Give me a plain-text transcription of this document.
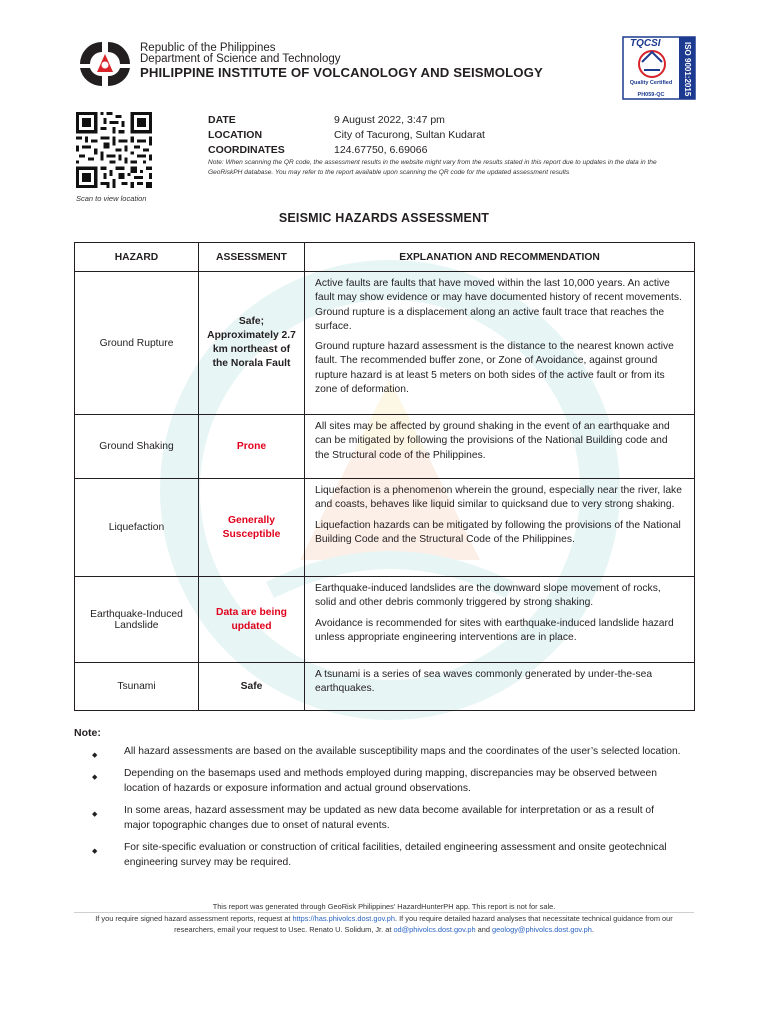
Republic of the Philippines
Department of Science and Technology
PHILIPPINE INSTITUTE OF VOLCANOLOGY AND SEISMOLOGY
TQCSI	ISO 9001:2015
Quality Certified
PH059-QC
Scan to view location
DATE	9 August 2022, 3:47 pm
LOCATION	City of Tacurong, Sultan Kudarat
COORDINATES	124.67750, 6.69066
Note: When scanning the QR code, the assessment results in the website might vary from the results stated in this report due to updates in the data in the GeoRiskPH database. You may refer to the report available upon scanning the QR code for the updated assessment results
SEISMIC HAZARDS ASSESSMENT
HAZARD	ASSESSMENT	EXPLANATION AND RECOMMENDATION
Ground Rupture	Safe; Approximately 2.7 km northeast of the Norala Fault	Active faults are faults that have moved within the last 10,000 years. An active fault may show evidence or may have documented history of recent movements. Ground rupture is a displacement along an active fault trace that reaches the surface.

Ground rupture hazard assessment is the distance to the nearest known active fault. The recommended buffer zone, or Zone of Avoidance, against ground rupture hazard is at least 5 meters on both sides of the active fault or from its zone of deformation.

Ground Shaking	Prone	All sites may be affected by ground shaking in the event of an earthquake and can be mitigated by following the provisions of the National Building code and the Structural code of the Philippines.

Liquefaction	Generally Susceptible	Liquefaction is a phenomenon wherein the ground, especially near the river, lake and coasts, behaves like liquid similar to quicksand due to very strong shaking.

Liquefaction hazards can be mitigated by following the provisions of the National Building Code and the Structural Code of the Philippines.

Earthquake-Induced Landslide	Data are being updated	Earthquake-induced landslides are the downward slope movement of rocks, solid and other debris commonly triggered by strong shaking.

Avoidance is recommended for sites with earthquake-induced landslide hazard unless appropriate engineering interventions are in place.

Tsunami	Safe	A tsunami is a series of sea waves commonly generated by under-the-sea earthquakes.

Note:
◆	All hazard assessments are based on the available susceptibility maps and the coordinates of the user’s selected location.
◆	Depending on the basemaps used and methods employed during mapping, discrepancies may be observed between location of hazards or exposure information and actual ground observations.
◆	In some areas, hazard assessment may be updated as new data become available for interpretation or as a result of major topographic changes due to onset of natural events.
◆	For site-specific evaluation or construction of critical facilities, detailed engineering assessment and onsite geotechnical engineering survey may be required.
This report was generated through GeoRisk Philippines’ HazardHunterPH app. This report is not for sale.
If you require signed hazard assessment reports, request at https://has.phivolcs.dost.gov.ph. If you require detailed hazard analyses that necessitate technical guidance from our researchers, email your request to Usec. Renato U. Solidum, Jr. at od@phivolcs.dost.gov.ph and geology@phivolcs.dost.gov.ph.
